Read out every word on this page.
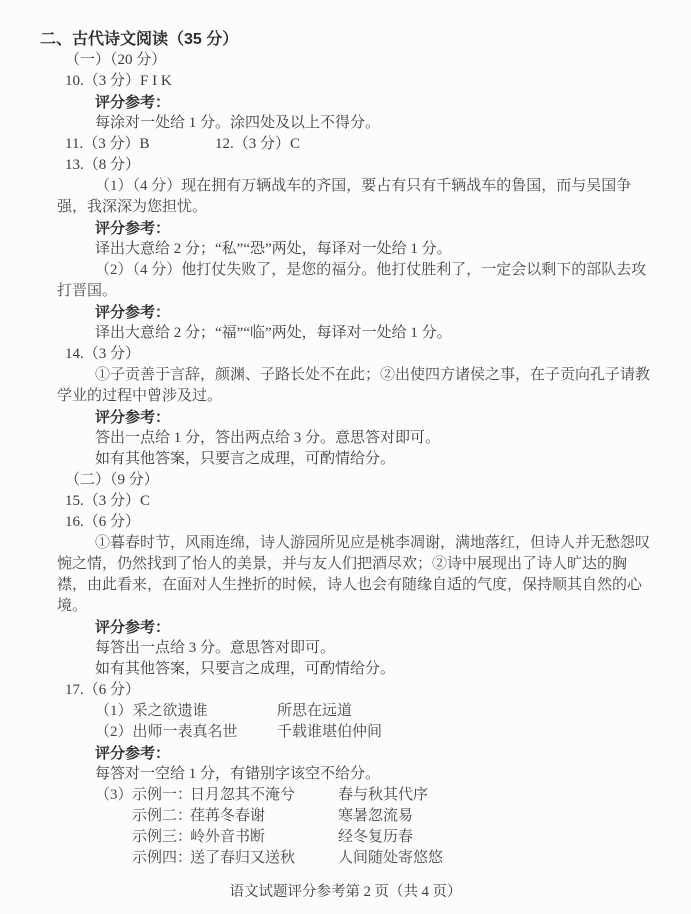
二、古代诗文阅读（35 分）
（一）（20 分）
10.（3 分）F I K
评分参考：
每涂对一处给 1 分。涂四处及以上不得分。
11.（3 分）B	12.（3 分）C
13.（8 分）

（1）（4 分）现在拥有万辆战车的齐国，要占有只有千辆战车的鲁国，而与吴国争强，我深深为您担忧。

评分参考：
译出大意给 2 分；“私”“恐”两处，每译对一处给 1 分。

（2）（4 分）他打仗失败了，是您的福分。他打仗胜利了，一定会以剩下的部队去攻打晋国。

评分参考：
译出大意给 2 分；“福”“临”两处，每译对一处给 1 分。
14.（3 分）

①子贡善于言辞，颜渊、子路长处不在此；②出使四方诸侯之事，在子贡向孔子请教学业的过程中曾涉及过。

评分参考：
答出一点给 1 分，答出两点给 3 分。意思答对即可。
如有其他答案，只要言之成理，可酌情给分。
（二）（9 分）
15.（3 分）C
16.（6 分）

①暮春时节，风雨连绵，诗人游园所见应是桃李凋谢，满地落红，但诗人并无愁怨叹惋之情，仍然找到了怡人的美景，并与友人们把酒尽欢；②诗中展现出了诗人旷达的胸襟，由此看来，在面对人生挫折的时候，诗人也会有随缘自适的气度，保持顺其自然的心境。

评分参考：
每答出一点给 3 分。意思答对即可。
如有其他答案，只要言之成理，可酌情给分。
17.（6 分）
（1）采之欲遗谁	所思在远道
（2）出师一表真名世	千载谁堪伯仲间
评分参考：
每答对一空给 1 分，有错别字该空不给分。
（3） 示例一：
日月忽其不淹兮	春与秋其代序
示例二：
荏苒冬春谢	寒暑忽流易
示例三：
岭外音书断	经冬复历春
示例四：
送了春归又送秋	人间随处寄悠悠
语文试题评分参考第 2 页（共 4 页）
